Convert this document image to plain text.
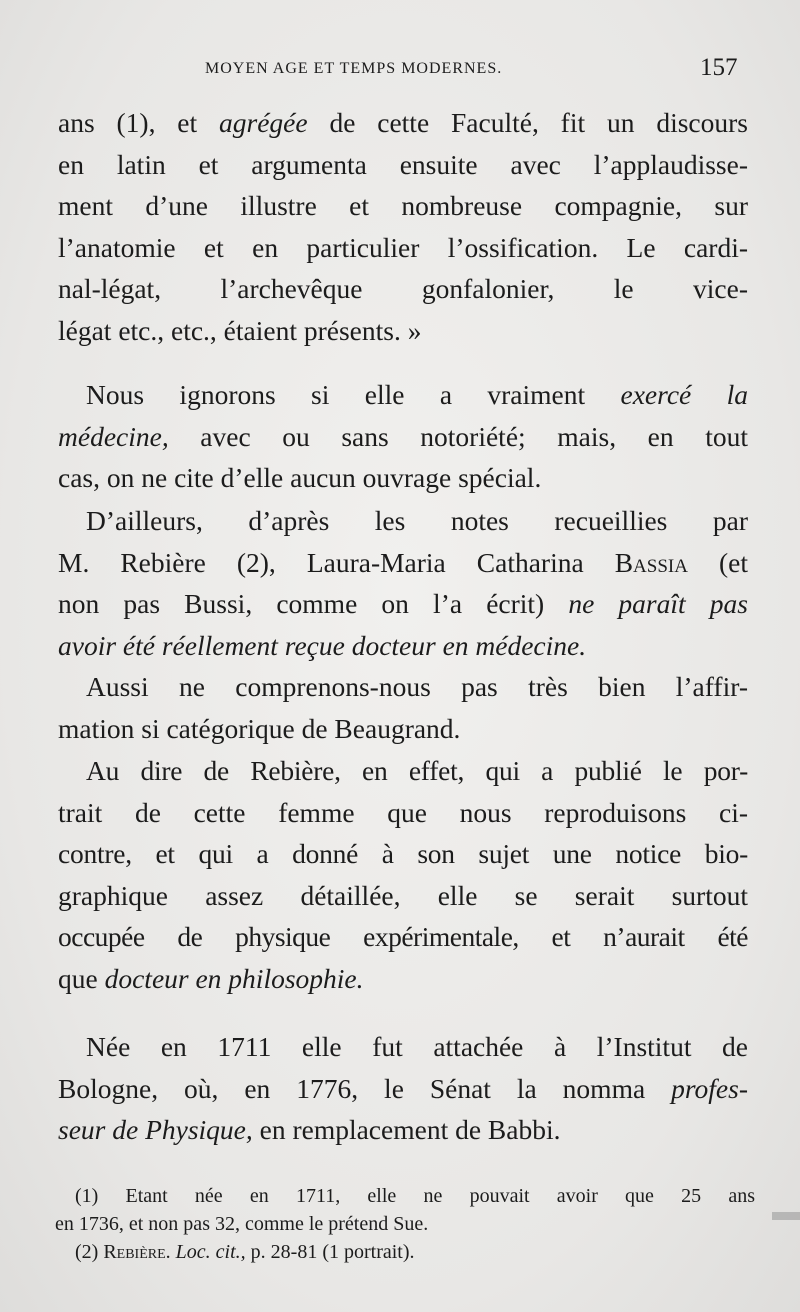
MOYEN AGE ET TEMPS MODERNES.	157
ans (1), et agrégée de cette Faculté, fit un discours
en latin et argumenta ensuite avec l’applaudisse-
ment d’une illustre et nombreuse compagnie, sur
l’anatomie et en particulier l’ossification. Le cardi-
nal-légat, l’archevêque gonfalonier, le vice-
légat etc., etc., étaient présents. »
Nous ignorons si elle a vraiment exercé la
médecine, avec ou sans notoriété; mais, en tout
cas, on ne cite d’elle aucun ouvrage spécial.
D’ailleurs, d’après les notes recueillies par
M. Rebière (2), Laura-Maria Catharina Bassia (et
non pas Bussi, comme on l’a écrit) ne paraît pas
avoir été réellement reçue docteur en médecine.
Aussi ne comprenons-nous pas très bien l’affir-
mation si catégorique de Beaugrand.
Au dire de Rebière, en effet, qui a publié le por-
trait de cette femme que nous reproduisons ci-
contre, et qui a donné à son sujet une notice bio-
graphique assez détaillée, elle se serait surtout
occupée de physique expérimentale, et n’aurait été
que docteur en philosophie.
Née en 1711 elle fut attachée à l’Institut de
Bologne, où, en 1776, le Sénat la nomma profes-
seur de Physique, en remplacement de Babbi.
(1) Etant née en 1711, elle ne pouvait avoir que 25 ans
en 1736, et non pas 32, comme le prétend Sue.
(2) Rebière. Loc. cit., p. 28-81 (1 portrait).
